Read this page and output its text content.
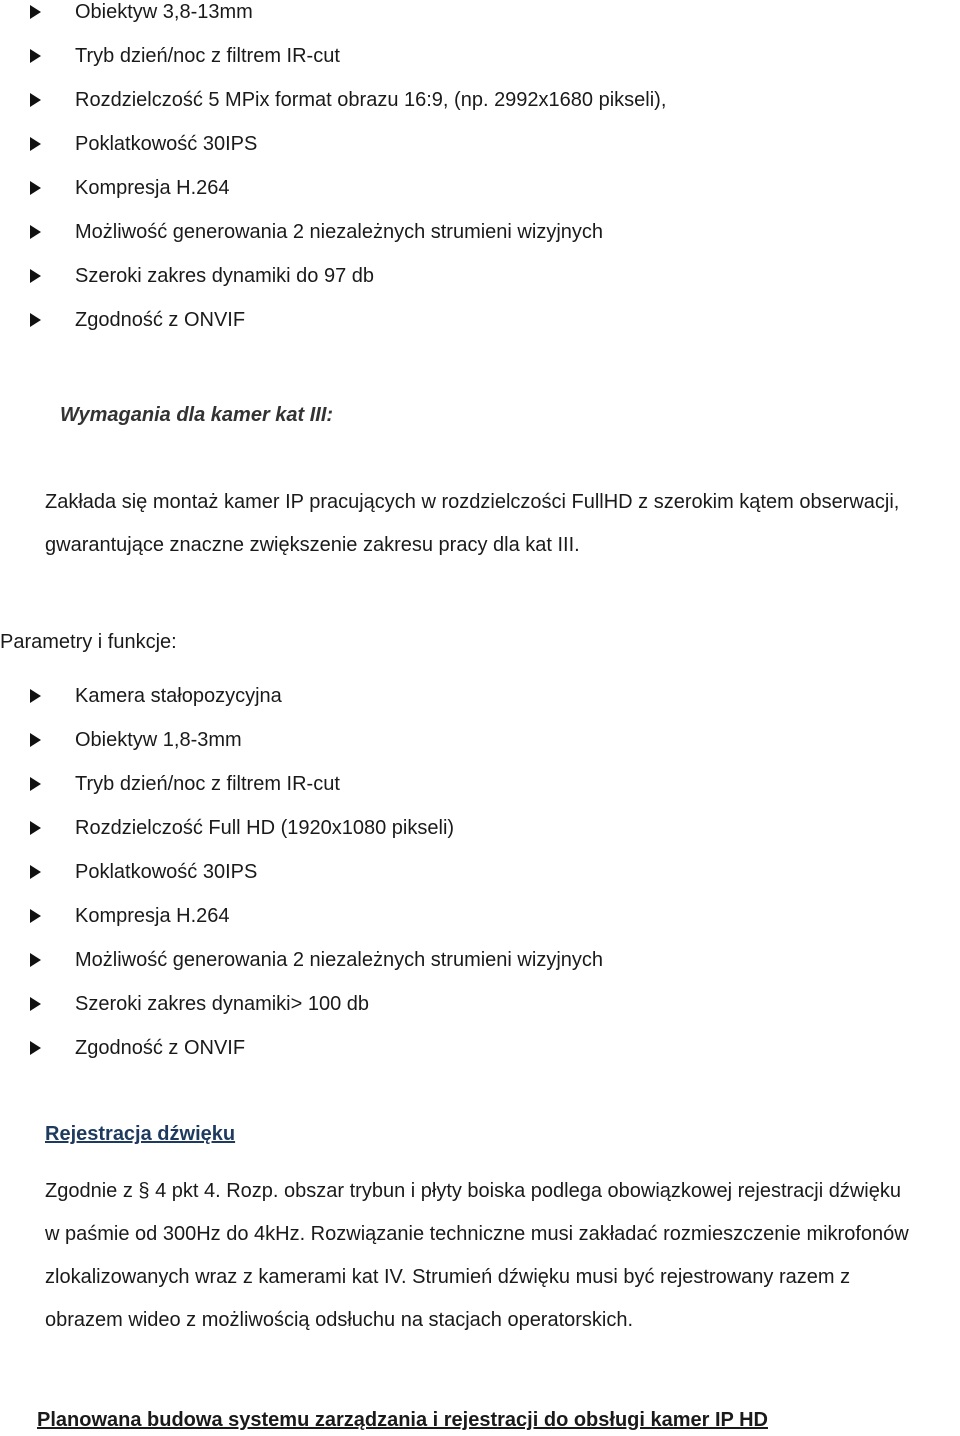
Obiektyw 3,8-13mm
Tryb dzień/noc z filtrem IR-cut
Rozdzielczość 5 MPix format obrazu 16:9, (np. 2992x1680 pikseli),
Poklatkowość 30IPS
Kompresja H.264
Możliwość generowania 2 niezależnych strumieni wizyjnych
Szeroki zakres dynamiki do 97 db
Zgodność z ONVIF
Wymagania dla kamer kat III:

Zakłada się montaż kamer IP pracujących w rozdzielczości FullHD z szerokim kątem obserwacji,
gwarantujące znaczne zwiększenie zakresu pracy dla kat III.

Parametry i funkcje:

Kamera stałopozycyjna
Obiektyw 1,8-3mm
Tryb dzień/noc z filtrem IR-cut
Rozdzielczość Full HD (1920x1080 pikseli)
Poklatkowość 30IPS
Kompresja H.264
Możliwość generowania 2 niezależnych strumieni wizyjnych
Szeroki zakres dynamiki> 100 db
Zgodność z ONVIF
Rejestracja dźwięku

Zgodnie z § 4 pkt 4. Rozp. obszar trybun i płyty boiska podlega obowiązkowej rejestracji dźwięku
w paśmie od 300Hz do 4kHz. Rozwiązanie techniczne musi zakładać rozmieszczenie mikrofonów
zlokalizowanych wraz z kamerami kat IV. Strumień dźwięku musi być rejestrowany razem z
obrazem wideo z możliwością odsłuchu na stacjach operatorskich.

Planowana budowa systemu zarządzania i rejestracji do obsługi kamer IP HD
